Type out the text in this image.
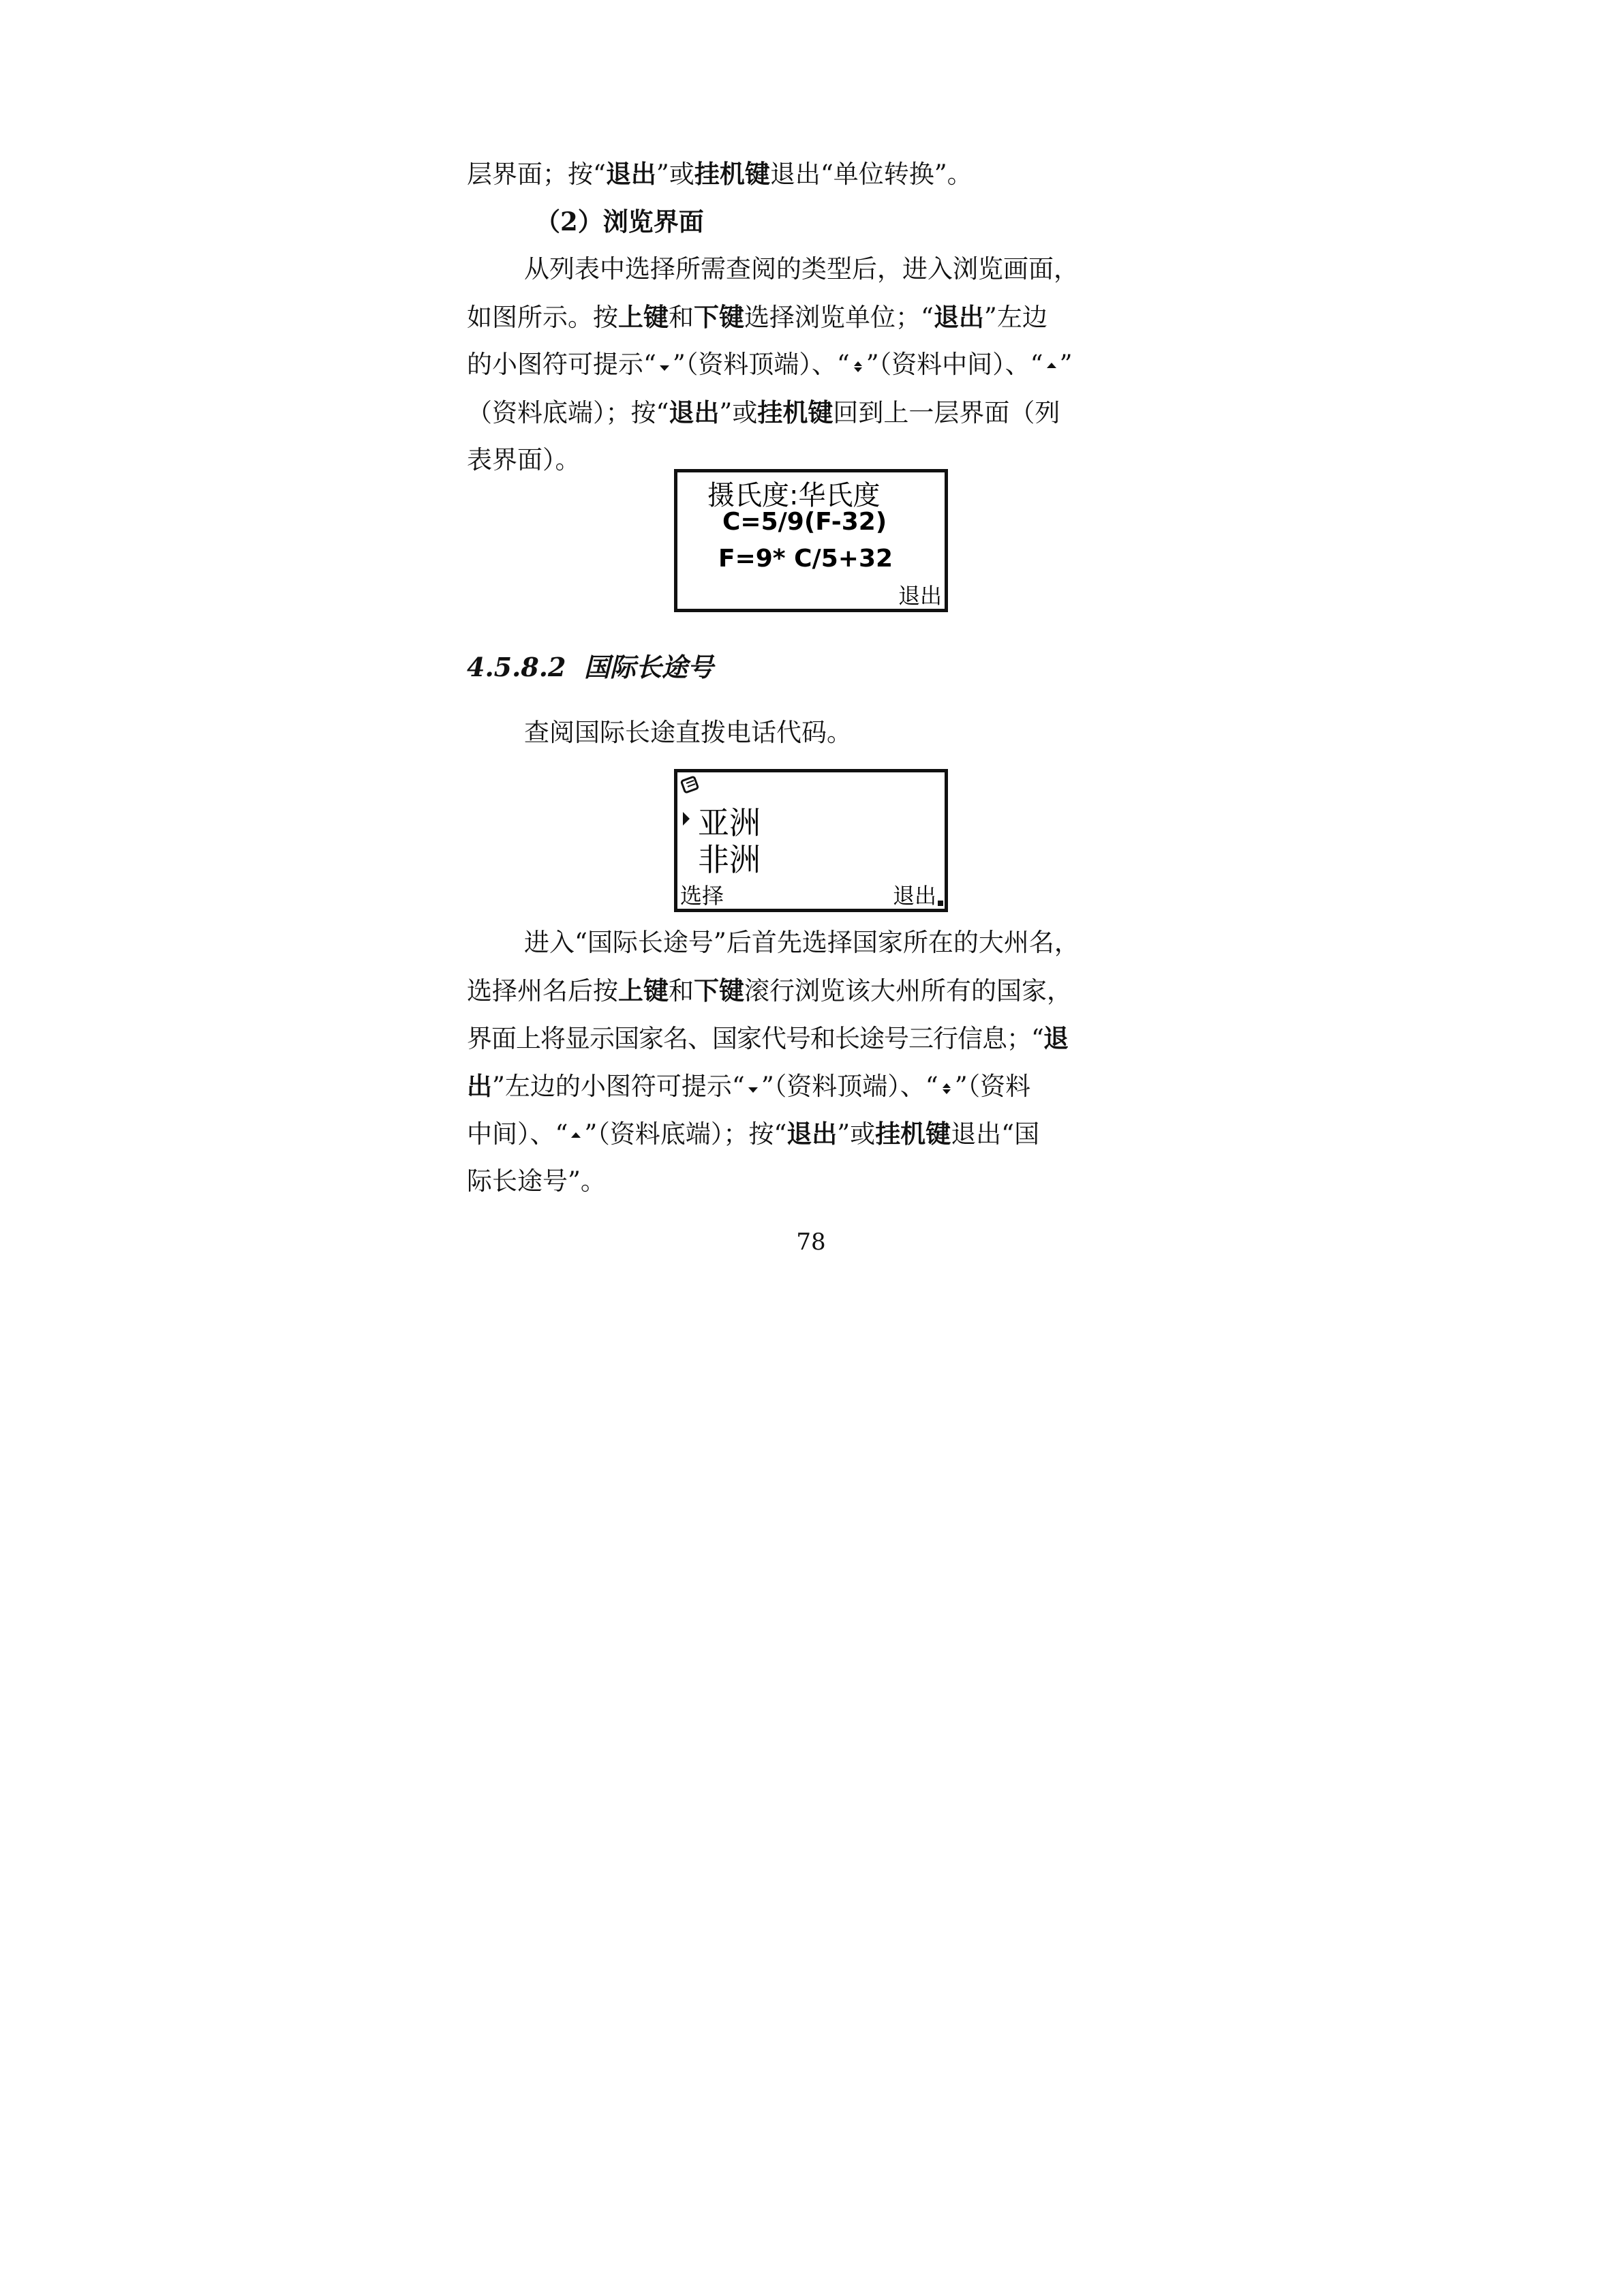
层界面；按“退出”或挂机键退出“单位转换”。
（2）浏览界面
从列表中选择所需查阅的类型后，进入浏览画面，
如图所示。按上键和下键选择浏览单位；“退出”左边
的小图符可提示“ ”（资料顶端）、“ ”（资料中间）、“ ”
（资料底端）；按“退出”或挂机键回到上一层界面（列
表界面）。
摄氏度:华氏度
C=5/9(F-32)
F=9* C/5+32
退出
4.5.8.2 国际长途号
查阅国际长途直拨电话代码。
亚洲
非洲
选择	退出
进入“国际长途号”后首先选择国家所在的大州名，
选择州名后按上键和下键滚行浏览该大州所有的国家，
界面上将显示国家名、国家代号和长途号三行信息；“退
出”左边的小图符可提示“ ”（资料顶端）、“ ”（资料
中间）、“ ”（资料底端）；按“退出”或挂机键退出“国
际长途号”。
78
